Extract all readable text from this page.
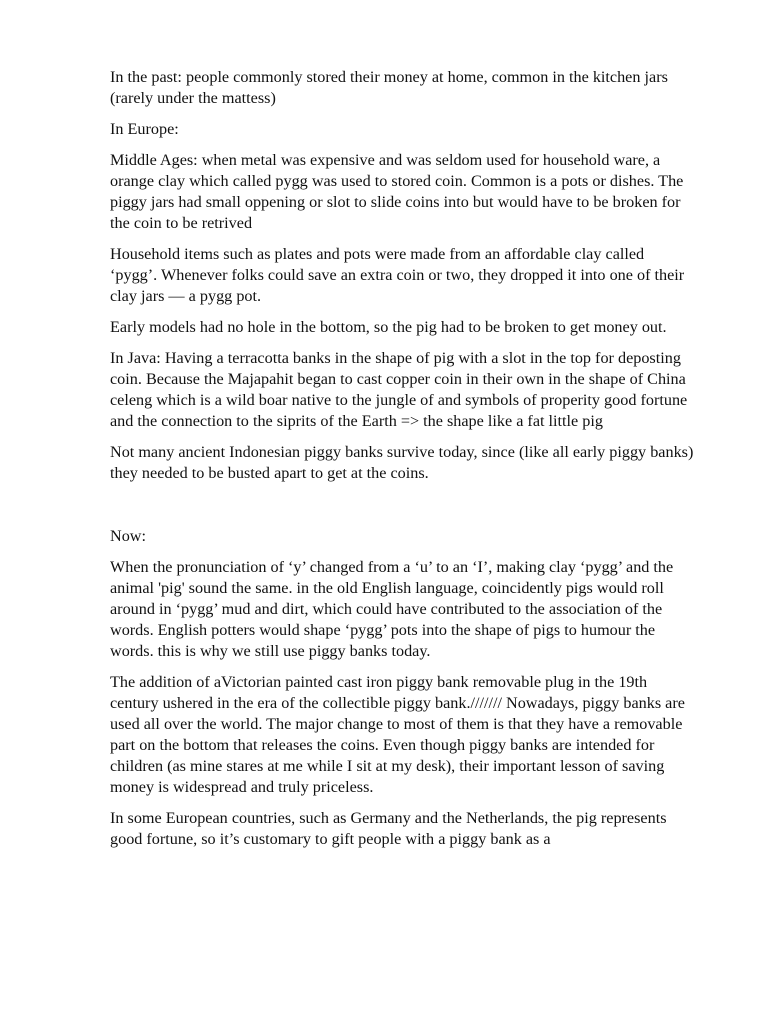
In the past: people commonly stored their money at home, common in the kitchen jars (rarely under the mattess)

In Europe:

Middle Ages: when metal was expensive and was seldom used for household ware, a orange clay which called pygg was used to stored coin. Common is a pots or dishes. The piggy jars had small oppening or slot to slide coins into but would have to be broken for the coin to be retrived

Household items such as plates and pots were made from an affordable clay called ‘pygg’. Whenever folks could save an extra coin or two, they dropped it into one of their clay jars — a pygg pot.

Early models had no hole in the bottom, so the pig had to be broken to get money out.

In Java: Having a terracotta banks in the shape of pig with a slot in the top for deposting coin. Because the Majapahit began to cast copper coin in their own in the shape of China celeng which is a wild boar native to the jungle of and symbols of properity good fortune and the connection to the siprits of the Earth => the shape like a fat little pig

Not many ancient Indonesian piggy banks survive today, since (like all early piggy banks) they needed to be busted apart to get at the coins.

Now:

When the pronunciation of ‘y’ changed from a ‘u’ to an ‘I’, making clay ‘pygg’ and the animal 'pig' sound the same. in the old English language, coincidently pigs would roll around in ‘pygg’ mud and dirt, which could have contributed to the association of the words. English potters would shape ‘pygg’ pots into the shape of pigs to humour the words. this is why we still use piggy banks today.

The addition of aVictorian painted cast iron piggy bank removable plug in the 19th century ushered in the era of the collectible piggy bank./////// Nowadays, piggy banks are used all over the world. The major change to most of them is that they have a removable part on the bottom that releases the coins. Even though piggy banks are intended for children (as mine stares at me while I sit at my desk), their important lesson of saving money is widespread and truly priceless.

In some European countries, such as Germany and the Netherlands, the pig represents good fortune, so it’s customary to gift people with a piggy bank as a
